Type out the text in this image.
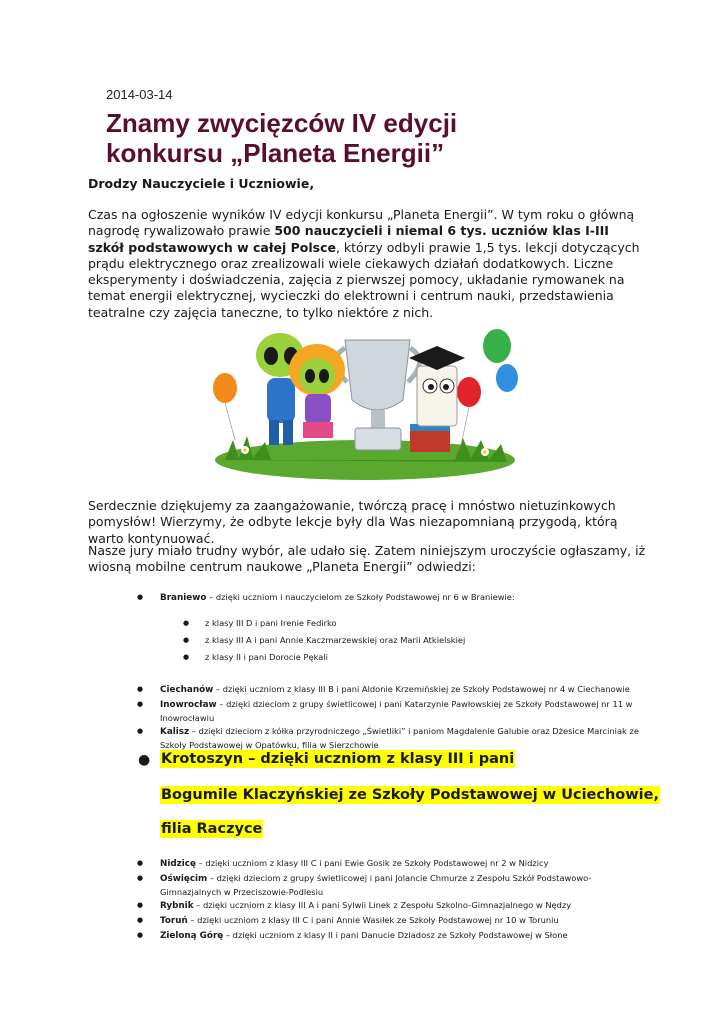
2014-03-14
Znamy zwycięzców IV edycji
konkursu „Planeta Energii”
Drodzy Nauczyciele i Uczniowie,

Czas na ogłoszenie wyników IV edycji konkursu „Planeta Energii”. W tym roku o główną nagrodę rywalizowało prawie 500 nauczycieli i niemal 6 tys. uczniów klas I-III szkół podstawowych w całej Polsce, którzy odbyli prawie 1,5 tys. lekcji dotyczących prądu elektrycznego oraz zrealizowali wiele ciekawych działań dodatkowych. Liczne eksperymenty i doświadczenia, zajęcia z pierwszej pomocy, układanie rymowanek na temat energii elektrycznej, wycieczki do elektrowni i centrum nauki, przedstawienia teatralne czy zajęcia taneczne, to tylko niektóre z nich.

Serdecznie dziękujemy za zaangażowanie, twórczą pracę i mnóstwo nietuzinkowych pomysłów! Wierzymy, że odbyte lekcje były dla Was niezapomnianą przygodą, którą warto kontynuować.

Nasze jury miało trudny wybór, ale udało się. Zatem niniejszym uroczyście ogłaszamy, iż wiosną mobilne centrum naukowe „Planeta Energii” odwiedzi:

● Braniewo – dzięki uczniom i nauczycielom ze Szkoły Podstawowej nr 6 w Braniewie:
● z klasy III D i pani Irenie Fedirko
● z klasy III A i pani Annie Kaczmarzewskiej oraz Marii Atkielskiej
● z klasy II i pani Dorocie Pękali
● Ciechanów – dzięki uczniom z klasy III B i pani Aldonie Krzemińskiej ze Szkoły Podstawowej nr 4 w Ciechanowie
● Inowrocław – dzięki dzieciom z grupy świetlicowej i pani Katarzynie Pawłowskiej ze Szkoły Podstawowej nr 11 w
Inowrocławiu
● Kalisz – dzięki dzieciom z kółka przyrodniczego „Świetliki” i paniom Magdalenie Galubie oraz Dżesice Marciniak ze
Szkoły Podstawowej w Opatówku, filia w Sierzchowie
● Krotoszyn – dzięki uczniom z klasy III i pani
Bogumile Klaczyńskiej ze Szkoły Podstawowej w Uciechowie,
filia Raczyce
● Nidzicę – dzięki uczniom z klasy III C i pani Ewie Gosik ze Szkoły Podstawowej nr 2 w Nidzicy
● Oświęcim – dzięki dzieciom z grupy świetlicowej i pani Jolancie Chmurze z Zespołu Szkół Podstawowo-
Gimnazjalnych w Przeciszowie-Podlesiu
● Rybnik – dzięki uczniom z klasy III A i pani Sylwii Linek z Zespołu Szkolno-Gimnazjalnego w Nędzy
● Toruń – dzięki uczniom z klasy III C i pani Annie Wasiłek ze Szkoły Podstawowej nr 10 w Toruniu
● Zieloną Górę – dzięki uczniom z klasy II i pani Danucie Dziadosz ze Szkoły Podstawowej w Słone
